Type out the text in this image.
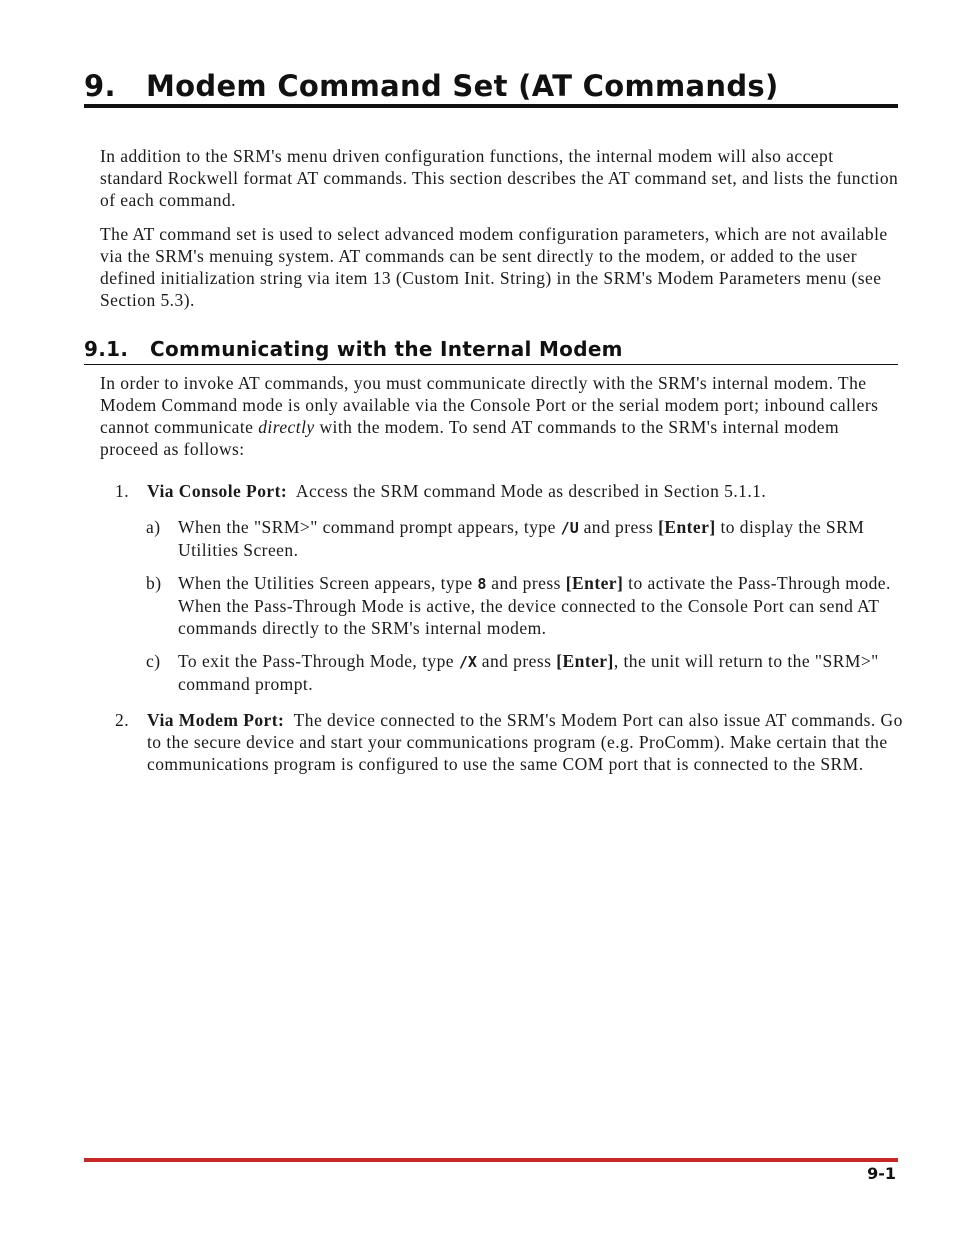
9. Modem Command Set (AT Commands)

In addition to the SRM's menu driven configuration functions, the internal modem will also accept standard Rockwell format AT commands. This section describes the AT command set, and lists the function of each command.

The AT command set is used to select advanced modem configuration parameters, which are not available via the SRM's menuing system. AT commands can be sent directly to the modem, or added to the user defined initialization string via item 13 (Custom Init. String) in the SRM's Modem Parameters menu (see Section 5.3).

9.1. Communicating with the Internal Modem

In order to invoke AT commands, you must communicate directly with the SRM's internal modem. The Modem Command mode is only available via the Console Port or the serial modem port; inbound callers cannot communicate directly with the modem. To send AT commands to the SRM's internal modem proceed as follows:

1. Via Console Port: Access the SRM command Mode as described in Section 5.1.1.

a) When the "SRM>" command prompt appears, type /U and press [Enter] to display the SRM Utilities Screen.

b) When the Utilities Screen appears, type 8 and press [Enter] to activate the Pass-Through mode. When the Pass-Through Mode is active, the device connected to the Console Port can send AT commands directly to the SRM's internal modem.

c) To exit the Pass-Through Mode, type /X and press [Enter], the unit will return to the "SRM>" command prompt.

2. Via Modem Port: The device connected to the SRM's Modem Port can also issue AT commands. Go to the secure device and start your communications program (e.g. ProComm). Make certain that the communications program is configured to use the same COM port that is connected to the SRM.

9-1
